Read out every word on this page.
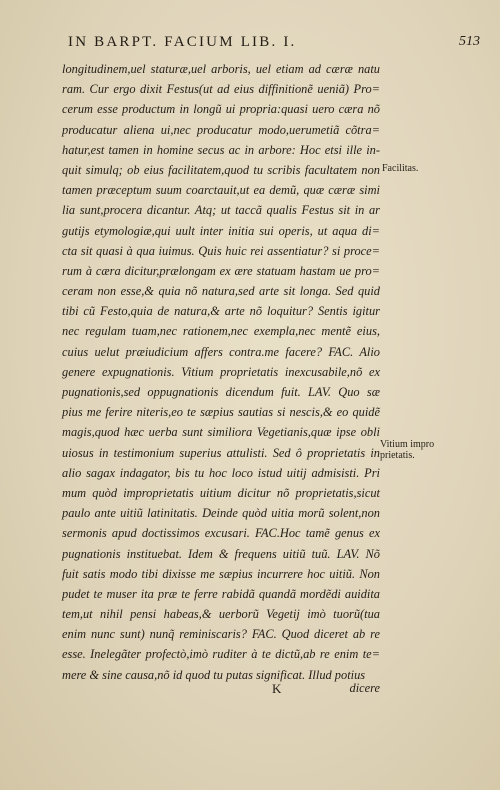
IN BARPT. FACIUM LIB. I.	513
longitudinem,uel staturæ,uel arboris, uel etiam ad cæræ natu
ram. Cur ergo dixit Festus(ut ad eius diffinitionẽ ueniã) Pro=
cerum esse productum in longũ ui propria:quasi uero cæra nõ
producatur aliena ui,nec producatur modo,uerumetiã cõtra=
hatur,est tamen in homine secus ac in arbore: Hoc etsi ille in-
quit simulq; ob eius facilitatem,quod tu scribis facultatem non
tamen præceptum suum coarctauit,ut ea demũ, quæ cæræ simi
lia sunt,procera dicantur. Atq; ut taccã qualis Festus sit in ar
gutijs etymologiæ,qui uult inter initia sui operis, ut aqua di=
cta sit quasi à qua iuimus. Quis huic rei assentiatur? si proce=
rum à cæra dicitur,prælongam ex ære statuam hastam ue pro=
ceram non esse,& quia nõ natura,sed arte sit longa. Sed quid
tibi cũ Festo,quia de natura,& arte nõ loquitur? Sentis igitur
nec regulam tuam,nec rationem,nec exempla,nec mentẽ eius,
cuius uelut præiudicium affers contra.me facere? FAC. Alio
genere expugnationis. Vitium proprietatis inexcusabile,nõ ex
pugnationis,sed oppugnationis dicendum fuit. LAV. Quo sæ
pius me ferire niteris,eo te sæpius sautias si nescis,& eo quidẽ
magis,quod hæc uerba sunt similiora Vegetianis,quæ ipse obli
uiosus in testimonium superius attulisti. Sed ô proprietatis in
alio sagax indagator, bis tu hoc loco istud uitij admisisti. Pri
mum quòd improprietatis uitium dicitur nõ proprietatis,sicut
paulo ante uitiũ latinitatis. Deinde quòd uitia morũ solent,non
sermonis apud doctissimos excusari. FAC.Hoc tamẽ genus ex
pugnationis instituebat. Idem & frequens uitiũ tuũ. LAV. Nõ
fuit satis modo tibi dixisse me sæpius incurrere hoc uitiũ. Non
pudet te muser ita præ te ferre rabidã quandã mordẽdi auidita
tem,ut nihil pensi habeas,& uerborũ Vegetij imò tuorũ(tua
enim nunc sunt) nunq̃ reminiscaris? FAC. Quod diceret ab re
esse. Inelegãter profectò,imò ruditer à te dictũ,ab re enim te=
mere & sine causa,nõ id quod tu putas significat. Illud potius
Facilitas.
Vitium impro prietatis.
K	dicere
